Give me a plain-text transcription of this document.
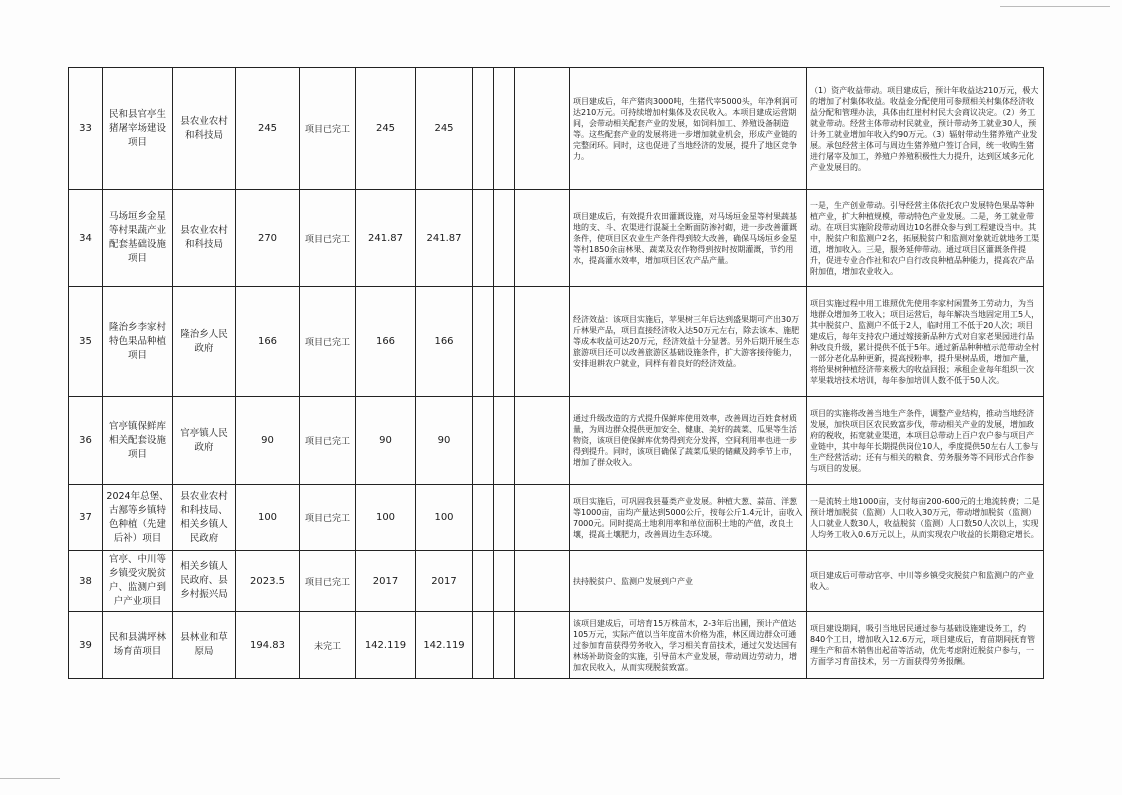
33	民和县官亭生猪屠宰场建设项目	县农业农村和科技局	245	项目已完工	245	245				项目建成后，年产猪肉3000吨，生猪代宰5000头，年净利润可达210万元。可持续增加村集体及农民收入。本项目建成运营期间，会带动相关配套产业的发展，如饲料加工、养殖设备制造等。这些配套产业的发展将进一步增加就业机会，形成产业链的完整闭环。同时，这也促进了当地经济的发展，提升了地区竞争力。	（1）资产收益带动。项目建成后，预计年收益达210万元，极大的增加了村集体收益。收益金分配使用可参照相关村集体经济收益分配和管理办法，具体由红崖村村民大会商议决定。（2）务工就业带动。经营主体带动村民就业，预计带动务工就业30人，预计务工就业增加年收入约90万元。（3）辐射带动生猪养殖产业发展。承包经营主体可与周边生猪养殖户签订合同，统一收购生猪进行屠宰及加工，养殖户养殖积极性大力提升，达到区域多元化产业发展目的。
34	马场垣乡金星等村果蔬产业配套基础设施项目	县农业农村和科技局	270	项目已完工	241.87	241.87				项目建成后，有效提升农田灌溉设施，对马场垣金星等村果蔬基地的支、斗、农渠进行混凝土全断面防渗衬砌，进一步改善灌溉条件，使项目区农业生产条件得到较大改善，确保马场垣乡金星等村1850余亩林果、蔬菜及农作物得到按时按期灌溉，节约用水，提高灌水效率，增加项目区农产品产量。	一是，生产创业带动。引导经营主体依托农户发展特色果品等种植产业，扩大种植规模，带动特色产业发展。二是，务工就业带动。在项目实施阶段带动周边10名群众参与到工程建设当中。其中，脱贫户和监测户2名，拓展脱贫户和监测对象就近就地务工渠道，增加收入。三是，服务延伸带动。通过项目区灌溉条件提升，促进专业合作社和农户自行改良种植品种能力，提高农产品附加值，增加农业收入。
35	隆治乡李家村特色果品种植项目	隆治乡人民政府	166	项目已完工	166	166				经济效益：该项目实施后，苹果树三年后达到盛果期可产出30万斤林果产品，项目直接经济收入达50万元左右，除去该本、施肥等成本收益可达20万元，经济效益十分显著。另外后期开展生态旅游项目还可以改善旅游区基础设施条件，扩大游客接待能力，安排退耕农户就业，同样有着良好的经济效益。	项目实施过程中用工谁照优先使用李家村闲置务工劳动力，为当地群众增加务工收入；项目运营后，每年解决当地固定用工5人，其中脱贫户、监测户不低于2人，临时用工不低于20人次；项目建成后，每年支持农户通过嫁接新品种方式对自家老果园进行品种改良升级，累计提供不低于5年。通过新品种种植示范带动全村一部分老化品种更新，提高授粉率，提升果树品质，增加产量，将给果树种植经济带来极大的收益回报；承租企业每年组织一次苹果栽培技术培训，每年参加培训人数不低于50人次。
36	官亭镇保鲜库相关配套设施项目	官亭镇人民政府	90	项目已完工	90	90				通过升级改造的方式提升保鲜库使用效率，改善周边百姓食材质量，为周边群众提供更加安全、健康、美好的蔬菜、瓜果等生活物资，该项目使保鲜库优势得到充分发挥，空间利用率也进一步得到提升。同时，该项目确保了蔬菜瓜果的储藏及跨季节上市，增加了群众收入。	项目的实施将改善当地生产条件，调整产业结构，推动当地经济发展，加快项目区农民致富步伐，带动相关产业的发展，增加政府的税收，拓宽就业渠道，本项目总带动上百户农户参与项目产业链中，其中每年长期提供岗位10人，季度提供50左右人工参与生产经营活动；还有与相关的粮食、劳务服务等不同形式合作参与项目的发展。
37	2024年总堡、古鄯等乡镇特色种植（先建后补）项目	县农业农村和科技局、相关乡镇人民政府	100	项目已完工	100	100				项目实施后，可巩固我县蔓类产业发展。种植大葱、蒜苗、洋葱等1000亩，亩均产量达到5000公斤，按每公斤1.4元计，亩收入7000元。同时提高土地利用率和单位面积土地的产值，改良土壤，提高土壤肥力，改善周边生态环境。	一是流转土地1000亩，支付每亩200-600元的土地流转费；二是预计增加脱贫（监测）人口收入30万元，带动增加脱贫（监测）人口就业人数30人，收益脱贫（监测）人口数50人次以上，实现人均务工收入0.6万元以上，从而实现农户收益的长期稳定增长。
38	官亭、中川等乡镇受灾脱贫户、监测户到户产业项目	相关乡镇人民政府、县乡村振兴局	2023.5	项目已完工	2017	2017				扶持脱贫户、监测户发展到户产业	项目建成后可带动官亭、中川等乡镇受灾脱贫户和监测户的产业收入。
39	民和县满坪林场育苗项目	县林业和草原局	194.83	未完工	142.119	142.119				该项目建成后，可培育15万株苗木，2-3年后出圃，预计产值达105万元，实际产值以当年度苗木价格为准，林区周边群众可通过参加育苗获得劳务收入，学习相关育苗技术，通过欠发达国有林场补助资金的实施，引导苗木产业发展，带动周边劳动力，增加农民收入，从而实现脱贫致富。	项目建设期间，吸引当地居民通过参与基础设施建设务工，约840个工日，增加收入12.6万元，项目建成后，育苗期间抚育管理生产和苗木销售出起苗等活动，优先考虑附近脱贫户参与，一方面学习育苗技术，另一方面获得劳务报酬。
